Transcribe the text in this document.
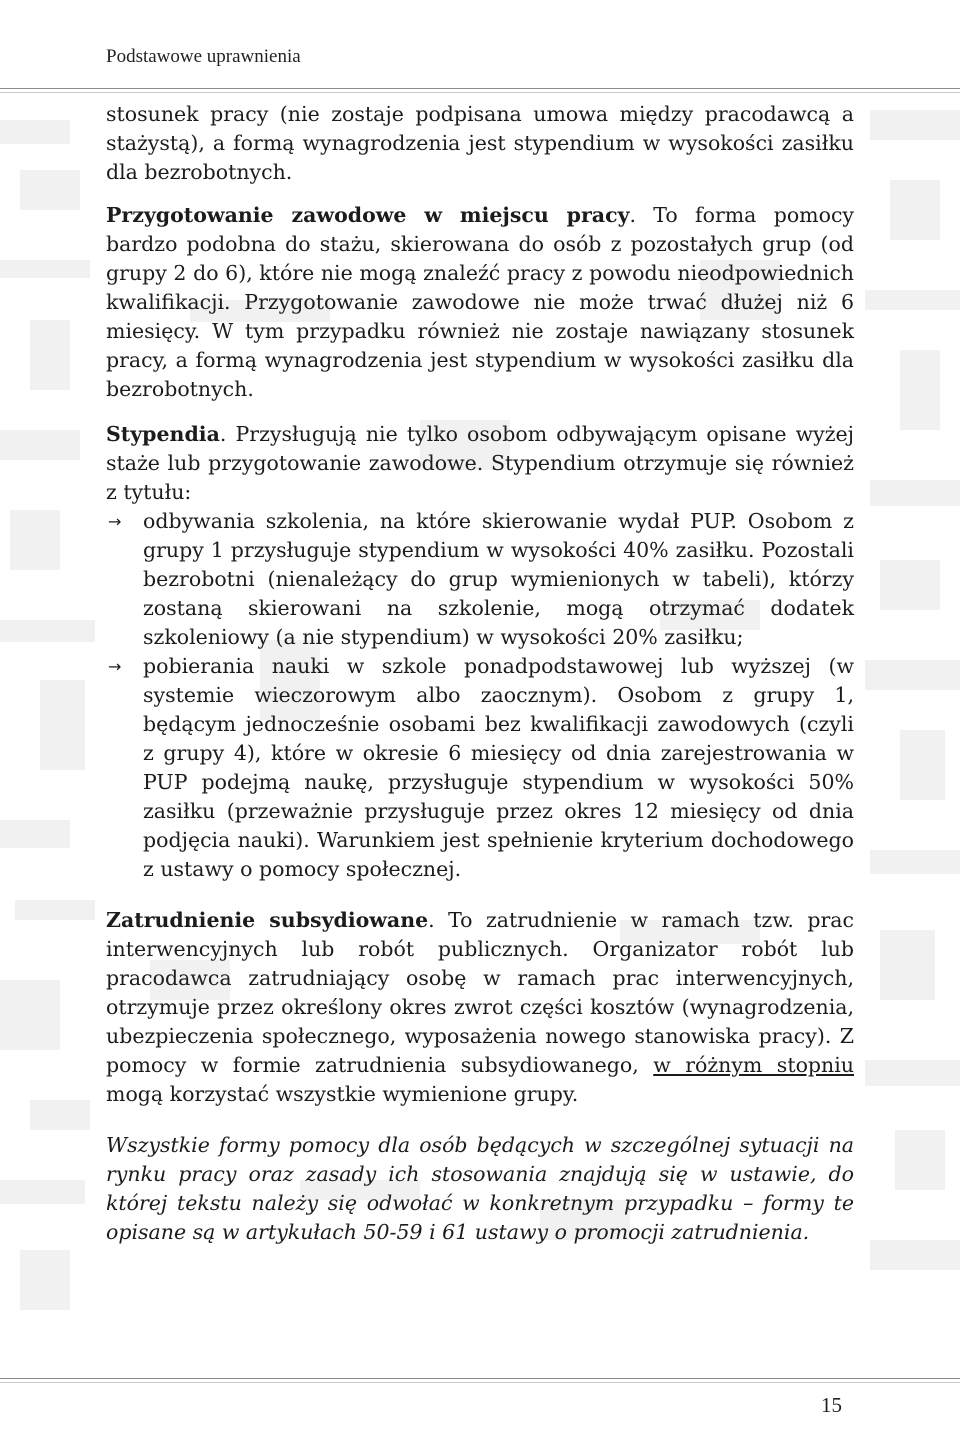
Podstawowe uprawnienia

stosunek pracy (nie zostaje podpisana umowa między pracodawcą a stażystą), a formą wynagrodzenia jest stypendium w wysokości zasiłku dla bezrobotnych.

Przygotowanie zawodowe w miejscu pracy. To forma pomocy bardzo podobna do stażu, skierowana do osób z pozostałych grup (od grupy 2 do 6), które nie mogą znaleźć pracy z powodu nieodpowiednich kwalifikacji. Przygotowanie zawodowe nie może trwać dłużej niż 6 miesięcy. W tym przypadku również nie zostaje nawiązany stosunek pracy, a formą wynagrodzenia jest stypendium w wysokości zasiłku dla bezrobotnych.

Stypendia. Przysługują nie tylko osobom odbywającym opisane wyżej staże lub przygotowanie zawodowe. Stypendium otrzymuje się również z tytułu:

→ odbywania szkolenia, na które skierowanie wydał PUP. Osobom z grupy 1 przysługuje stypendium w wysokości 40% zasiłku. Pozostali bezrobotni (nienależący do grup wymienionych w tabeli), którzy zostaną skierowani na szkolenie, mogą otrzymać dodatek szkoleniowy (a nie stypendium) w wysokości 20% zasiłku;
→ pobierania nauki w szkole ponadpodstawowej lub wyższej (w systemie wieczorowym albo zaocznym). Osobom z grupy 1, będącym jednocześnie osobami bez kwalifikacji zawodowych (czyli z grupy 4), które w okresie 6 miesięcy od dnia zarejestrowania w PUP podejmą naukę, przysługuje stypendium w wysokości 50% zasiłku (przeważnie przysługuje przez okres 12 miesięcy od dnia podjęcia nauki). Warunkiem jest spełnienie kryterium dochodowego z ustawy o pomocy społecznej.

Zatrudnienie subsydiowane. To zatrudnienie w ramach tzw. prac interwencyjnych lub robót publicznych. Organizator robót lub pracodawca zatrudniający osobę w ramach prac interwencyjnych, otrzymuje przez określony okres zwrot części kosztów (wynagrodzenia, ubezpieczenia społecznego, wyposażenia nowego stanowiska pracy). Z pomocy w formie zatrudnienia subsydiowanego, w różnym stopniu mogą korzystać wszystkie wymienione grupy.

Wszystkie formy pomocy dla osób będących w szczególnej sytuacji na rynku pracy oraz zasady ich stosowania znajdują się w ustawie, do której tekstu należy się odwołać w konkretnym przypadku – formy te opisane są w artykułach 50-59 i 61 ustawy o promocji zatrudnienia.

15
